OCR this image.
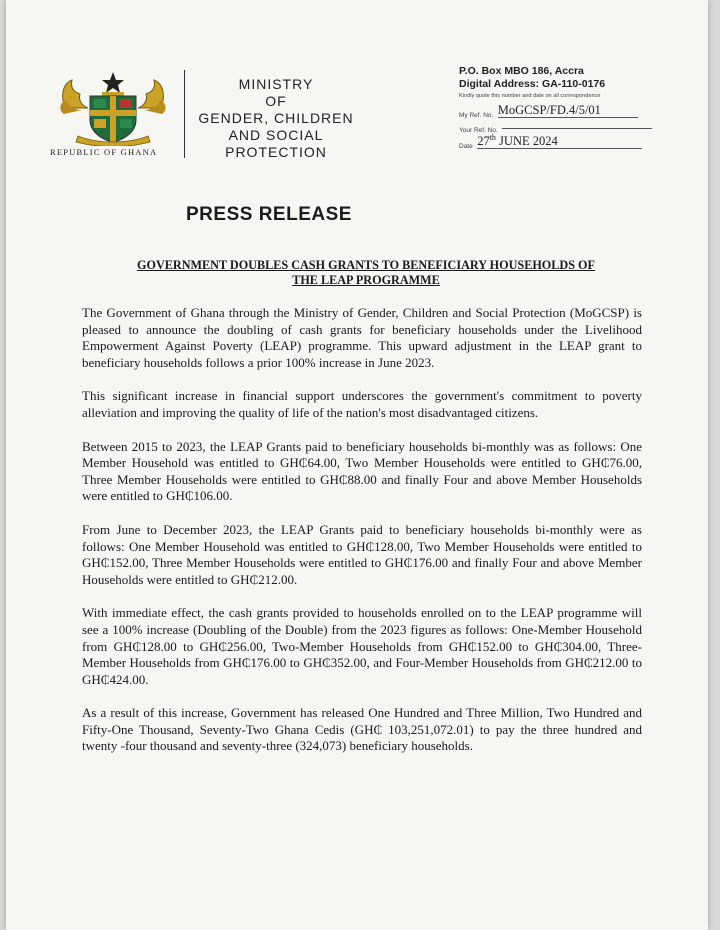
REPUBLIC OF GHANA
MINISTRY
OF
GENDER, CHILDREN
AND SOCIAL
PROTECTION
P.O. Box MBO 186, Accra
Digital Address: GA-110-0176
Kindly quote this number and date on all correspondence
My Ref. No. MoGCSP/FD.4/5/01
Your Ref. No.
Date 27th JUNE 2024
PRESS RELEASE
GOVERNMENT DOUBLES CASH GRANTS TO BENEFICIARY HOUSEHOLDS OF
THE LEAP PROGRAMME

The Government of Ghana through the Ministry of Gender, Children and Social Protection (MoGCSP) is pleased to announce the doubling of cash grants for beneficiary households under the Livelihood Empowerment Against Poverty (LEAP) programme. This upward adjustment in the LEAP grant to beneficiary households follows a prior 100% increase in June 2023.

This significant increase in financial support underscores the government's commitment to poverty alleviation and improving the quality of life of the nation's most disadvantaged citizens.

Between 2015 to 2023, the LEAP Grants paid to beneficiary households bi-monthly was as follows: One Member Household was entitled to GH₵64.00, Two Member Households were entitled to GH₵76.00, Three Member Households were entitled to GH₵88.00 and finally Four and above Member Households were entitled to GH₵106.00.

From June to December 2023, the LEAP Grants paid to beneficiary households bi-monthly were as follows: One Member Household was entitled to GH₵128.00, Two Member Households were entitled to GH₵152.00, Three Member Households were entitled to GH₵176.00 and finally Four and above Member Households were entitled to GH₵212.00.

With immediate effect, the cash grants provided to households enrolled on to the LEAP programme will see a 100% increase (Doubling of the Double) from the 2023 figures as follows: One-Member Household from GH₵128.00 to GH₵256.00, Two-Member Households from GH₵152.00 to GH₵304.00, Three-Member Households from GH₵176.00 to GH₵352.00, and Four-Member Households from GH₵212.00 to GH₵424.00.

As a result of this increase, Government has released One Hundred and Three Million, Two Hundred and Fifty-One Thousand, Seventy-Two Ghana Cedis (GH₵ 103,251,072.01) to pay the three hundred and twenty -four thousand and seventy-three (324,073) beneficiary households.
